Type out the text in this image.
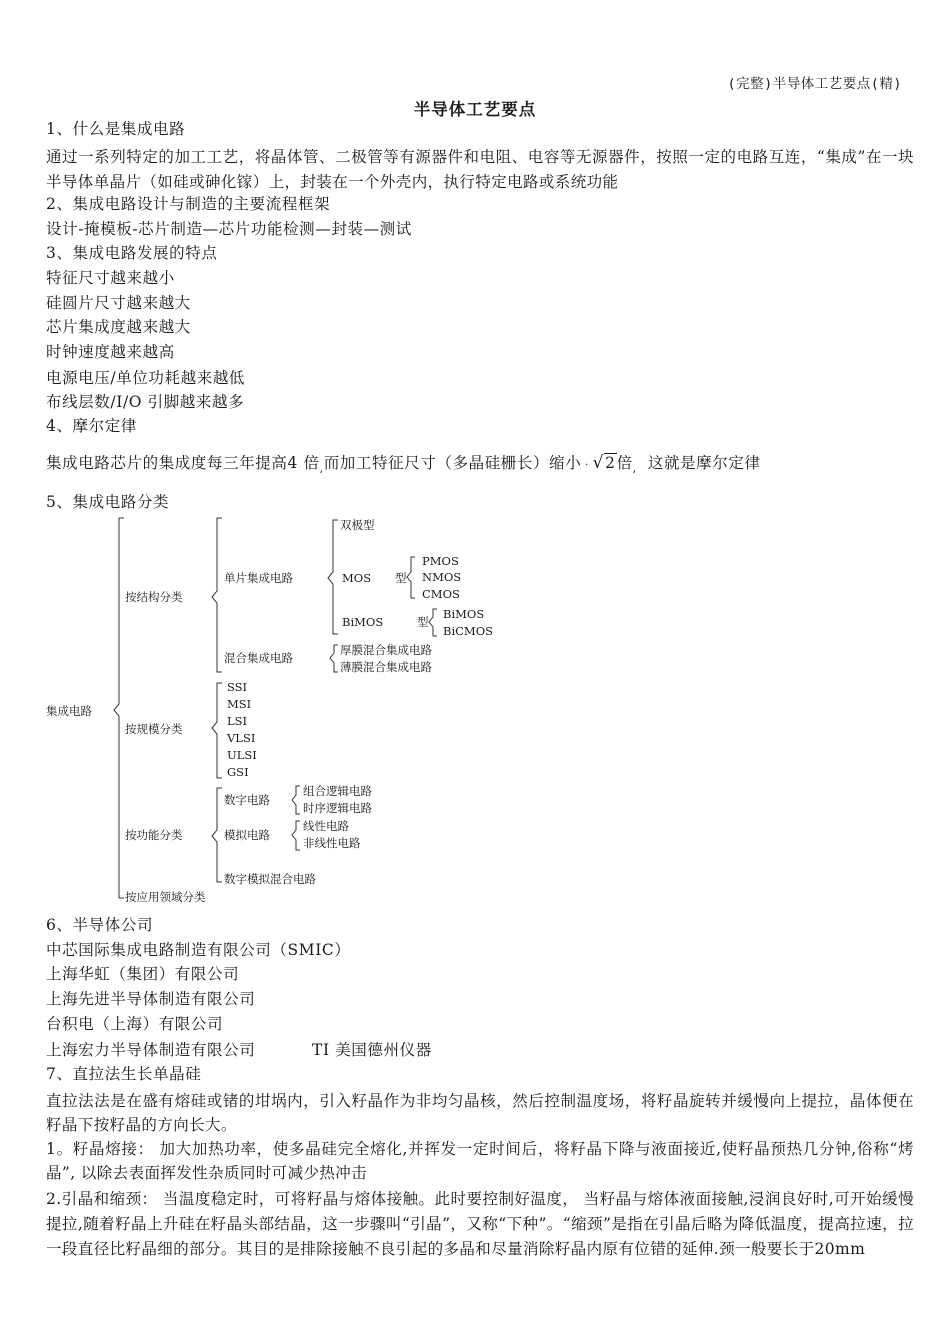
(完整)半导体工艺要点(精)
半导体工艺要点
1、什么是集成电路
通过一系列特定的加工工艺，将晶体管、二极管等有源器件和电阻、电容等无源器件，按照一定的电路互连，“集成”在一块半导体单晶片（如硅或砷化镓）上，封装在一个外壳内，执行特定电路或系统功能
2、集成电路设计与制造的主要流程框架
设计-掩模板-芯片制造—芯片功能检测—封装—测试
3、集成电路发展的特点
特征尺寸越来越小
硅圆片尺寸越来越大
芯片集成度越来越大
时钟速度越来越高
电源电压/单位功耗越来越低
布线层数/I/O 引脚越来越多
4、摩尔定律
集成电路芯片的集成度每三年提高4 倍$_,$而加工特征尺寸（多晶硅栅长）缩小 · √2倍$_,$ 这就是摩尔定律
5、集成电路分类
集成电路
按结构分类
单片集成电路
双极型
MOS 型
PMOS
NMOS
CMOS
BiMOS	型
BiMOS
BiCMOS
混合集成电路
厚膜混合集成电路
薄膜混合集成电路
按规模分类
SSI
MSI
LSI
VLSI
ULSI
GSI
按功能分类
数字电路
组合逻辑电路
时序逻辑电路
模拟电路
线性电路
非线性电路
数字模拟混合电路
按应用领域分类
6、半导体公司
中芯国际集成电路制造有限公司（SMIC）
上海华虹（集团）有限公司
上海先进半导体制造有限公司
台积电（上海）有限公司
上海宏力半导体制造有限公司	TI 美国德州仪器
7、直拉法生长单晶硅
直拉法法是在盛有熔硅或锗的坩埚内，引入籽晶作为非均匀晶核，然后控制温度场，将籽晶旋转并缓慢向上提拉，晶体便在籽晶下按籽晶的方向长大。
1。籽晶熔接： 加大加热功率，使多晶硅完全熔化,并挥发一定时间后，将籽晶下降与液面接近,使籽晶预热几分钟,俗称“烤晶”, 以除去表面挥发性杂质同时可减少热冲击
2.引晶和缩颈： 当温度稳定时，可将籽晶与熔体接触。此时要控制好温度， 当籽晶与熔体液面接触,浸润良好时,可开始缓慢提拉,随着籽晶上升硅在籽晶头部结晶，这一步骤叫“引晶”，又称“下种”。“缩颈”是指在引晶后略为降低温度，提高拉速，拉一段直径比籽晶细的部分。其目的是排除接触不良引起的多晶和尽量消除籽晶内原有位错的延伸.颈一般要长于20mm
